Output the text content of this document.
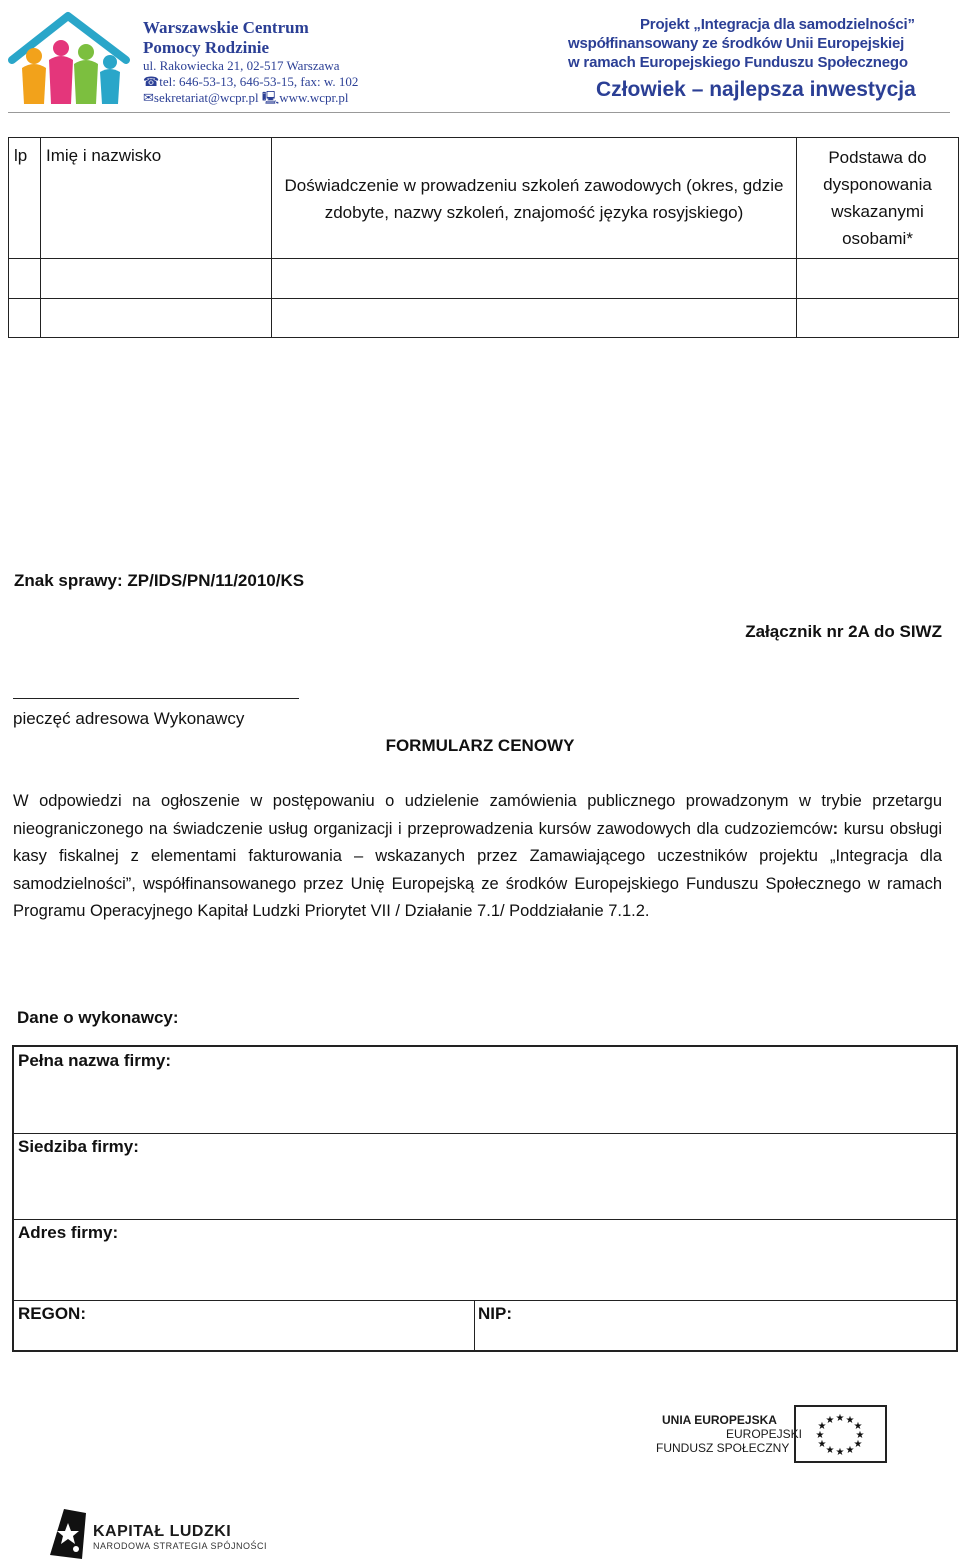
Warszawskie Centrum
Pomocy Rodzinie
ul. Rakowiecka 21, 02-517 Warszawa
☎tel: 646-53-13, 646-53-15, fax: w. 102
✉sekretariat@wcpr.pl 🖳www.wcpr.pl
Projekt „Integracja dla samodzielności”
współfinansowany ze środków Unii Europejskiej
w ramach Europejskiego Funduszu Społecznego
Człowiek – najlepsza inwestycja
lp Imię i nazwisko
Doświadczenie w prowadzeniu szkoleń zawodowych (okres, gdzie zdobyte, nazwy szkoleń, znajomość języka rosyjskiego)
Podstawa do dysponowania wskazanymi osobami*
Znak sprawy: ZP/IDS/PN/11/2010/KS
Załącznik nr 2A do SIWZ
pieczęć adresowa Wykonawcy
FORMULARZ CENOWY
W odpowiedzi na ogłoszenie w postępowaniu o udzielenie zamówienia publicznego prowadzonym w trybie przetargu nieograniczonego na świadczenie usług organizacji i przeprowadzenia kursów zawodowych dla cudzoziemców: kursu obsługi kasy fiskalnej z elementami fakturowania – wskazanych przez Zamawiającego uczestników projektu „Integracja dla samodzielności”, współfinansowanego przez Unię Europejską ze środków Europejskiego Funduszu Społecznego w ramach Programu Operacyjnego Kapitał Ludzki Priorytet VII / Działanie 7.1/ Poddziałanie 7.1.2.
Dane o wykonawcy:
Pełna nazwa firmy:
Siedziba firmy:
Adres firmy:
REGON:	NIP:
UNIA EUROPEJSKA
EUROPEJSKI
FUNDUSZ SPOŁECZNY
★ ★
★
★
★
★
★
★
★
★
★
★
KAPITAŁ LUDZKI
NARODOWA STRATEGIA SPÓJNOŚCI
